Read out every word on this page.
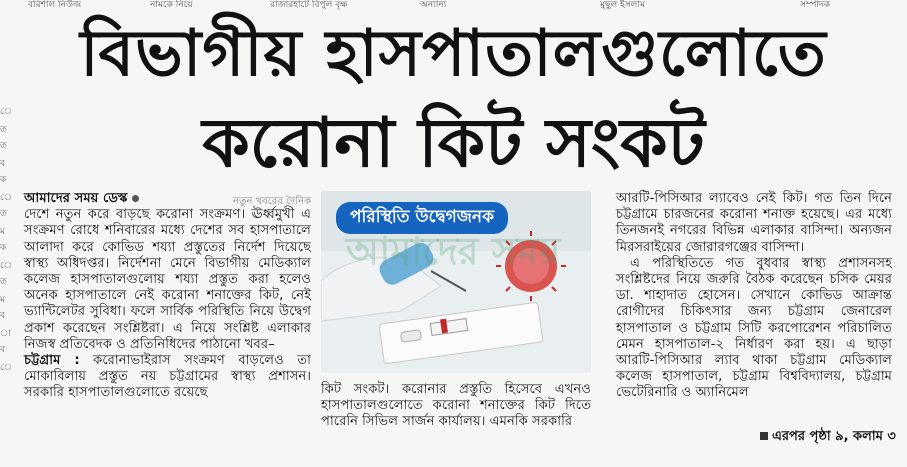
বরিশাল নিউজ	নামকে নিয়ে	রাজারহাটে বিপুল বৃক্ষ	অন্যান্য	মুছুল ইসলাম	সম্পাদক
ে
ত
ত
ব
ক
ে
ত
ম
ক
ে
ত
ম
ব
া
ব
ে
বিভাগীয় হাসপাতালগুলোতে
করোনা কিট সংকট

আমাদের সময় ডেস্ক

দেশে নতুন করে বাড়ছে করোনা সংক্রমণ। ঊর্ধ্বমুখী এ সংক্রমণ রোধে শনিবারের মধ্যে দেশের সব হাসপাতালে আলাদা করে কোভিড শয্যা প্রস্তুতের নির্দেশ দিয়েছে স্বাস্থ্য অধিদপ্তর। নির্দেশনা মেনে বিভাগীয় মেডিক্যাল কলেজ হাসপাতালগুলোয় শয্যা প্রস্তুত করা হলেও অনেক হাসপাতালে নেই করোনা শনাক্তের কিট, নেই ভ্যান্টিলেটর সুবিধা। ফলে সার্বিক পরিস্থিতি নিয়ে উদ্বেগ প্রকাশ করেছেন সংশ্লিষ্টরা। এ নিয়ে সংশ্লিষ্ট এলাকার নিজস্ব প্রতিবেদক ও প্রতিনিধিদের পাঠানো খবর–

চট্টগ্রাম : করোনাভাইরাস সংক্রমণ বাড়লেও তা মোকাবিলায় প্রস্তুত নয় চট্টগ্রামের স্বাস্থ্য প্রশাসন। সরকারি হাসপাতালগুলোতে রয়েছে

নতুন খবরের দৈনিক
পরিস্থিতি উদ্বেগজনক
আমাদের সময়

কিট সংকট। করোনার প্রস্তুতি হিসেবে এখনও হাসপাতালগুলোতে করোনা শনাক্তের কিট দিতে পারেনি সিভিল সার্জন কার্যালয়। এমনকি সরকারি

আরটি-পিসিআর ল্যাবেও নেই কিট। গত তিন দিনে চট্টগ্রামে চারজনের করোনা শনাক্ত হয়েছে। এর মধ্যে তিনজনই নগরের বিভিন্ন এলাকার বাসিন্দা। অন্যজন মিরসরাইয়ের জোরারগঞ্জের বাসিন্দা।

এ পরিস্থিতিতে গত বুধবার স্বাস্থ্য প্রশাসনসহ সংশ্লিষ্টদের নিয়ে জরুরি বৈঠক করেছেন চসিক মেয়র ডা. শাহাদাত হোসেন। সেখানে কোভিড আক্রান্ত রোগীদের চিকিৎসার জন্য চট্টগ্রাম জেনারেল হাসপাতাল ও চট্টগ্রাম সিটি করপোরেশন পরিচালিত মেমন হাসপাতাল-২ নির্ধারণ করা হয়। এ ছাড়া আরটি-পিসিআর ল্যাব থাকা চট্টগ্রাম মেডিক্যাল কলেজ হাসপাতাল, চট্টগ্রাম বিশ্ববিদ্যালয়, চট্টগ্রাম ভেটেরিনারি ও অ্যানিমেল

এরপর পৃষ্ঠা ৯, কলাম ৩
